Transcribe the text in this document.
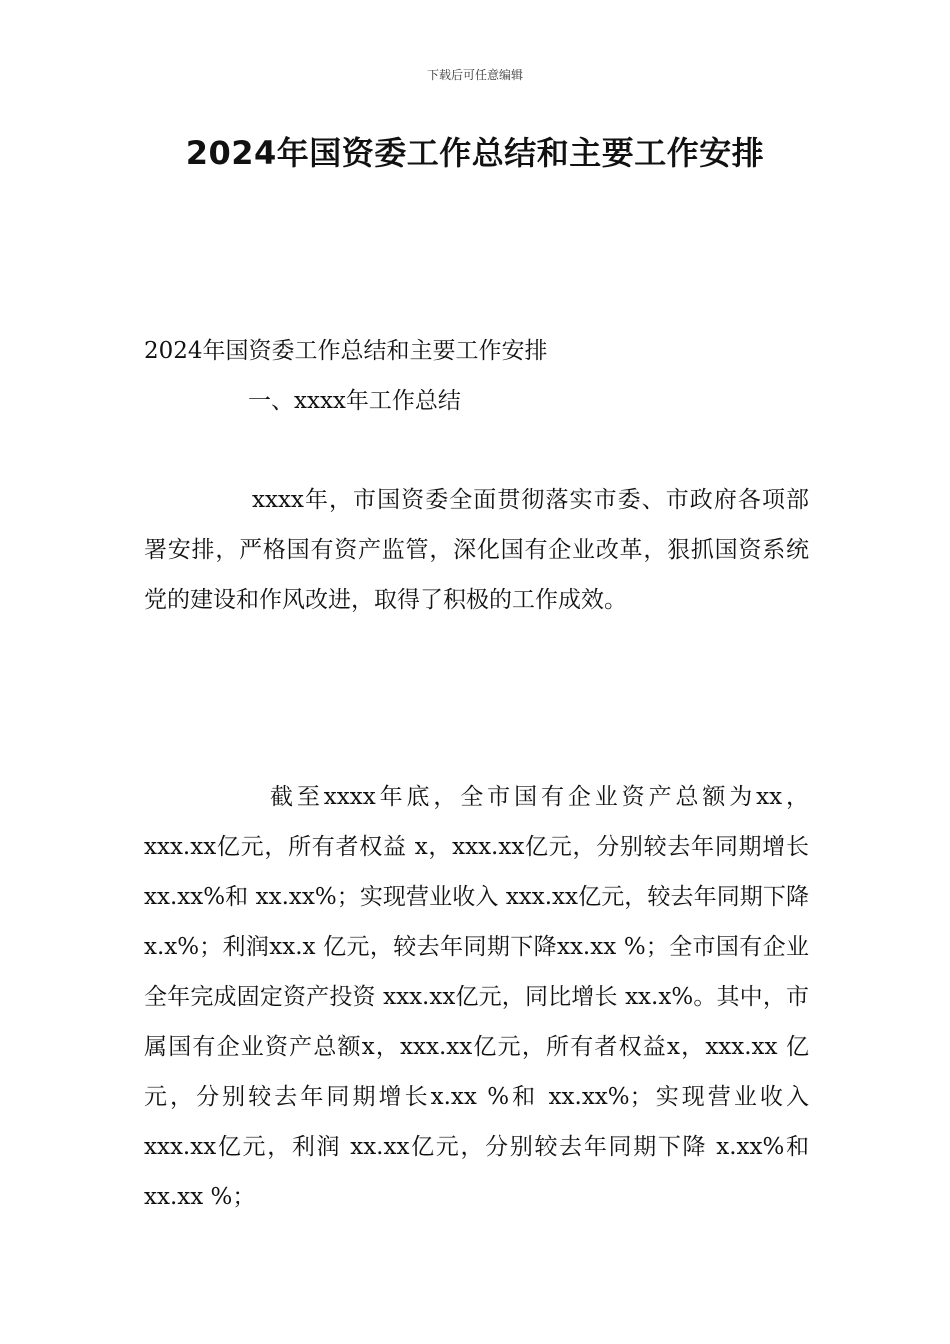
下载后可任意编辑
2024年国资委工作总结和主要工作安排
2024年国资委工作总结和主要工作安排
一、xxxx年工作总结

xxxx年，市国资委全面贯彻落实市委、市政府各项部署安排，严格国有资产监管，深化国有企业改革，狠抓国资系统党的建设和作风改进，取得了积极的工作成效。

截至xxxx年底，全市国有企业资产总额为xx，xxx.xx亿元，所有者权益 x，xxx.xx亿元，分别较去年同期增长 xx.xx%和 xx.xx%；实现营业收入 xxx.xx亿元，较去年同期下降 x.x%；利润xx.x 亿元，较去年同期下降xx.xx %；全市国有企业全年完成固定资产投资 xxx.xx亿元，同比增长 xx.x%。其中，市属国有企业资产总额x，xxx.xx亿元，所有者权益x，xxx.xx 亿元，分别较去年同期增长x.xx %和 xx.xx%；实现营业收入 xxx.xx亿元，利润 xx.xx亿元，分别较去年同期下降 x.xx%和xx.xx %；
